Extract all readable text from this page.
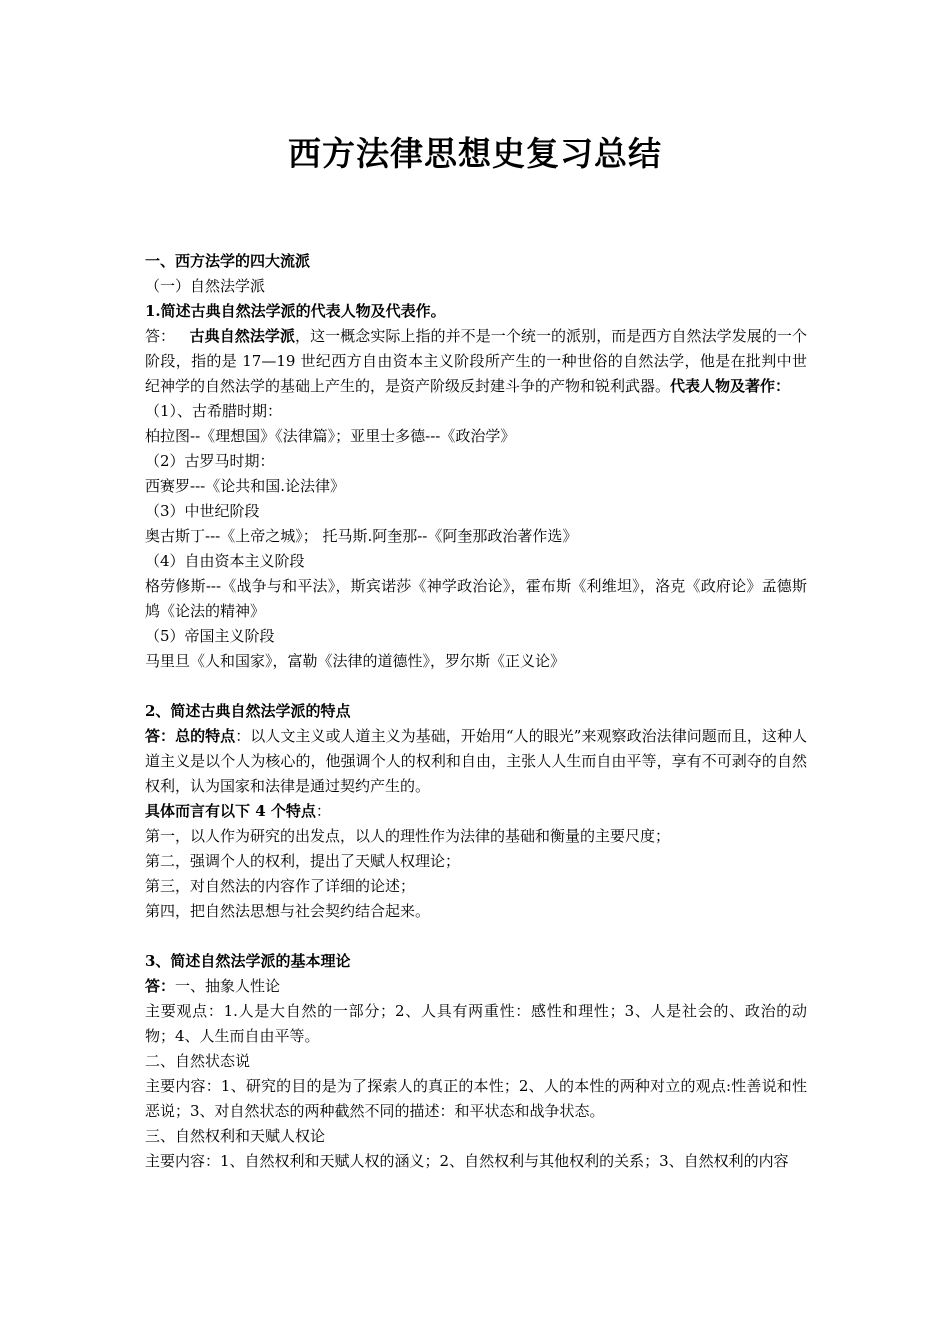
西方法律思想史复习总结

一、西方法学的四大流派

（一）自然法学派

1.简述古典自然法学派的代表人物及代表作。

答： 古典自然法学派，这一概念实际上指的并不是一个统一的派别，而是西方自然法学发展的一个阶段，指的是 17—19 世纪西方自由资本主义阶段所产生的一种世俗的自然法学，他是在批判中世纪神学的自然法学的基础上产生的，是资产阶级反封建斗争的产物和锐利武器。代表人物及著作：

（1）、古希腊时期：

柏拉图--《理想国》《法律篇》；亚里士多德---《政治学》

（2）古罗马时期：

西赛罗---《论共和国.论法律》

（3）中世纪阶段

奥古斯丁---《上帝之城》； 托马斯.阿奎那--《阿奎那政治著作选》

（4）自由资本主义阶段

格劳修斯---《战争与和平法》，斯宾诺莎《神学政治论》，霍布斯《利维坦》，洛克《政府论》孟德斯鸠《论法的精神》

（5）帝国主义阶段

马里旦《人和国家》，富勒《法律的道德性》，罗尔斯《正义论》

2、简述古典自然法学派的特点

答：总的特点：以人文主义或人道主义为基础，开始用“人的眼光”来观察政治法律问题而且，这种人道主义是以个人为核心的，他强调个人的权利和自由，主张人人生而自由平等，享有不可剥夺的自然权利，认为国家和法律是通过契约产生的。

具体而言有以下 4 个特点：

第一，以人作为研究的出发点，以人的理性作为法律的基础和衡量的主要尺度；

第二，强调个人的权利，提出了天赋人权理论；

第三，对自然法的内容作了详细的论述；

第四，把自然法思想与社会契约结合起来。

3、简述自然法学派的基本理论

答：一、抽象人性论

主要观点：1.人是大自然的一部分；2、人具有两重性：感性和理性；3、人是社会的、政治的动物；4、人生而自由平等。

二、自然状态说

主要内容：1、研究的目的是为了探索人的真正的本性；2、人的本性的两种对立的观点:性善说和性恶说；3、对自然状态的两种截然不同的描述：和平状态和战争状态。

三、自然权利和天赋人权论

主要内容：1、自然权利和天赋人权的涵义；2、自然权利与其他权利的关系；3、自然权利的内容
